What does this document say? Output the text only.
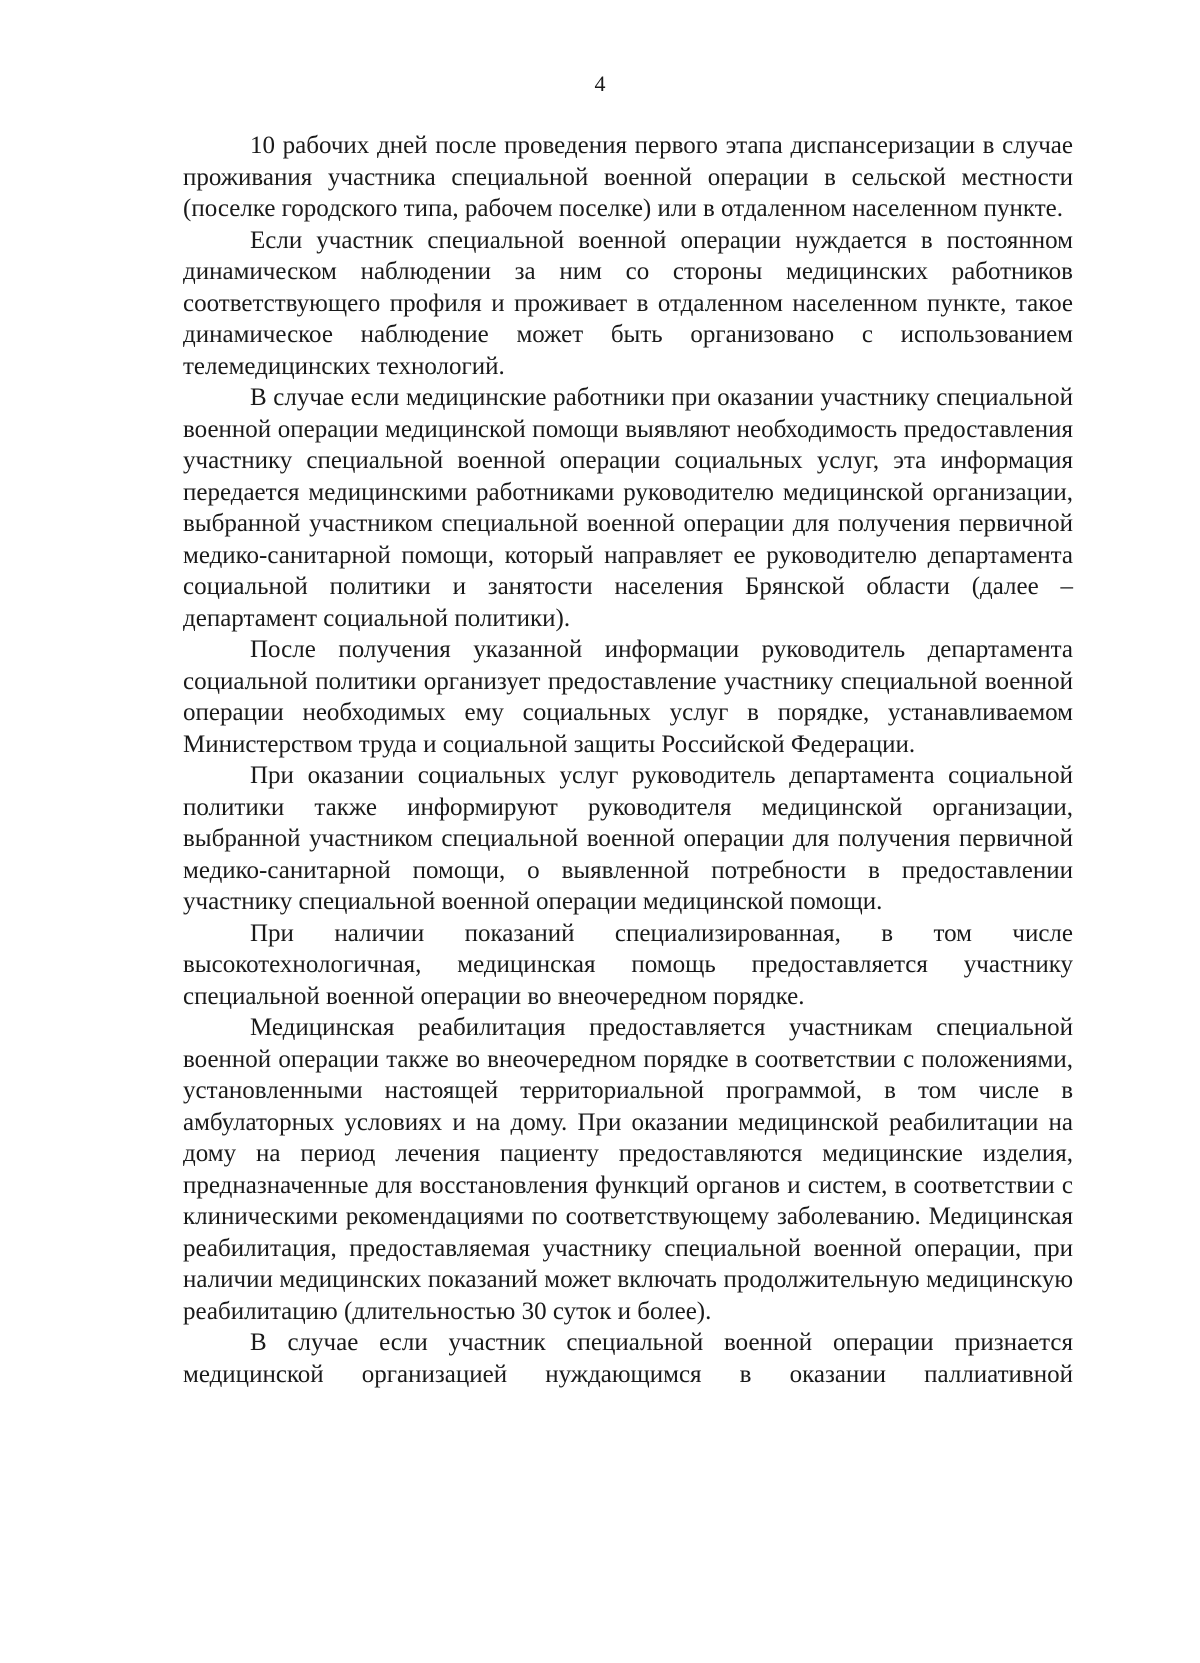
4

10 рабочих дней после проведения первого этапа диспансеризации в случае проживания участника специальной военной операции в сельской местности (поселке городского типа, рабочем поселке) или в отдаленном населенном пункте.

Если участник специальной военной операции нуждается в постоянном динамическом наблюдении за ним со стороны медицинских работников соответствующего профиля и проживает в отдаленном населенном пункте, такое динамическое наблюдение может быть организовано с использованием телемедицинских технологий.

В случае если медицинские работники при оказании участнику специальной военной операции медицинской помощи выявляют необходимость предоставления участнику специальной военной операции социальных услуг, эта информация передается медицинскими работниками руководителю медицинской организации, выбранной участником специальной военной операции для получения первичной медико-санитарной помощи, который направляет ее руководителю департамента социальной политики и занятости населения Брянской области (далее – департамент социальной политики).

После получения указанной информации руководитель департамента социальной политики организует предоставление участнику специальной военной операции необходимых ему социальных услуг в порядке, устанавливаемом Министерством труда и социальной защиты Российской Федерации.

При оказании социальных услуг руководитель департамента социальной политики также информируют руководителя медицинской организации, выбранной участником специальной военной операции для получения первичной медико-санитарной помощи, о выявленной потребности в предоставлении участнику специальной военной операции медицинской помощи.

При наличии показаний специализированная, в том числе высокотехнологичная, медицинская помощь предоставляется участнику специальной военной операции во внеочередном порядке.

Медицинская реабилитация предоставляется участникам специальной военной операции также во внеочередном порядке в соответствии с положениями, установленными настоящей территориальной программой, в том числе в амбулаторных условиях и на дому. При оказании медицинской реабилитации на дому на период лечения пациенту предоставляются медицинские изделия, предназначенные для восстановления функций органов и систем, в соответствии с клиническими рекомендациями по соответствующему заболеванию. Медицинская реабилитация, предоставляемая участнику специальной военной операции, при наличии медицинских показаний может включать продолжительную медицинскую реабилитацию (длительностью 30 суток и более).

В случае если участник специальной военной операции признается медицинской организацией нуждающимся в оказании паллиативной
